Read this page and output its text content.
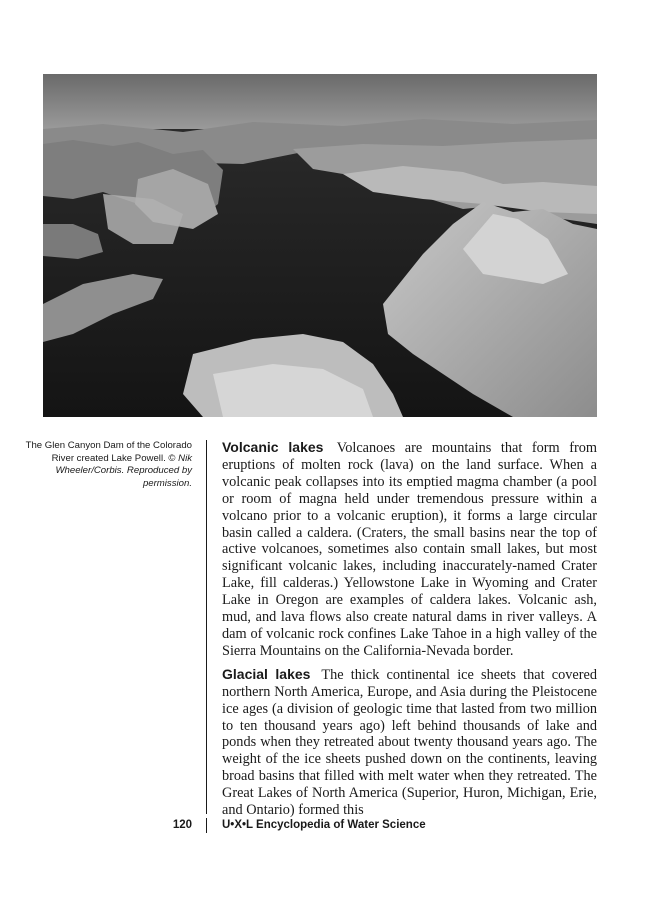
The Glen Canyon Dam of the Colorado River created Lake Powell. © Nik Wheeler/Corbis. Reproduced by permission.

Volcanic lakes Volcanoes are mountains that form from eruptions of molten rock (lava) on the land surface. When a volcanic peak collapses into its emptied magma chamber (a pool or room of magna held under tremendous pressure within a volcano prior to a volcanic eruption), it forms a large circular basin called a caldera. (Craters, the small basins near the top of active volcanoes, sometimes also contain small lakes, but most significant volcanic lakes, including inaccurately-named Crater Lake, fill calderas.) Yellowstone Lake in Wyoming and Crater Lake in Oregon are examples of caldera lakes. Volcanic ash, mud, and lava flows also create natural dams in river valleys. A dam of volcanic rock confines Lake Tahoe in a high valley of the Sierra Mountains on the California-Nevada border.

Glacial lakes The thick continental ice sheets that covered northern North America, Europe, and Asia during the Pleistocene ice ages (a division of geologic time that lasted from two million to ten thousand years ago) left behind thousands of lake and ponds when they retreated about twenty thousand years ago. The weight of the ice sheets pushed down on the continents, leaving broad basins that filled with melt water when they retreated. The Great Lakes of North America (Superior, Huron, Michigan, Erie, and Ontario) formed this

120	U•X•L Encyclopedia of Water Science
